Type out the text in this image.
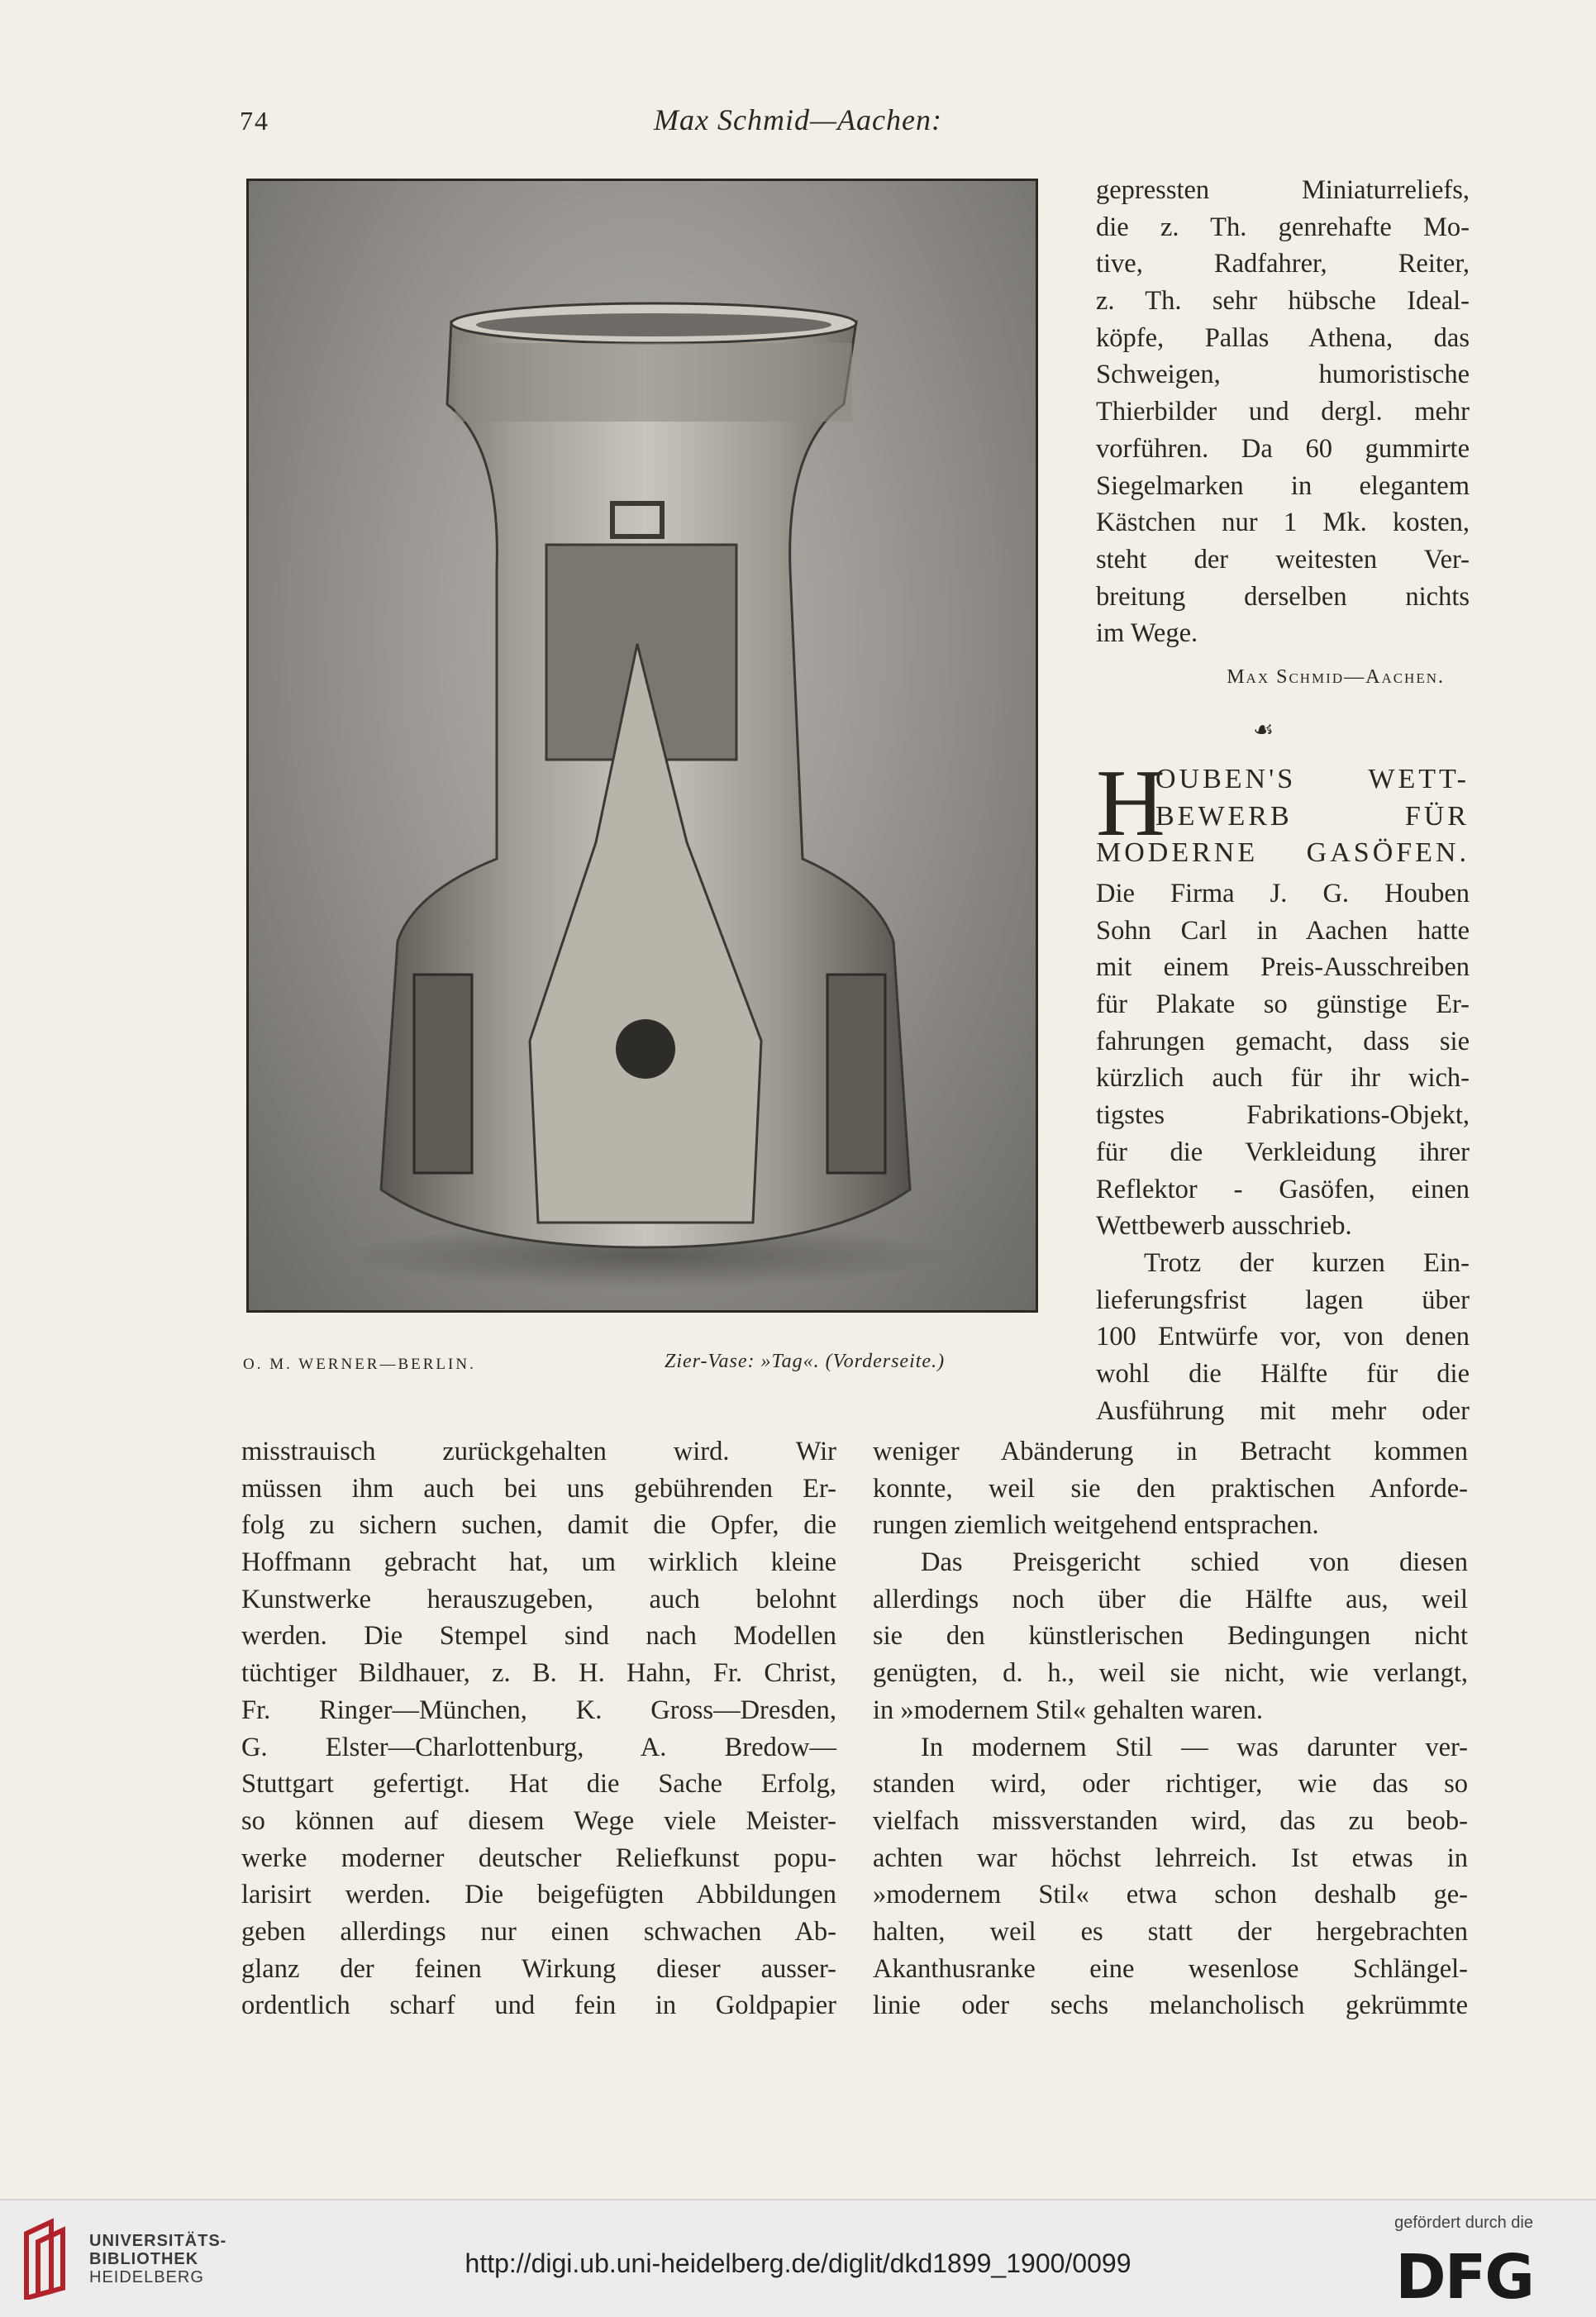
74	Max Schmid—Aachen:
O. M. WERNER—BERLIN.	Zier-Vase: »Tag«. (Vorderseite.)
gepressten Miniaturreliefs,
die z. Th. genrehafte Mo-
tive, Radfahrer, Reiter,
z. Th. sehr hübsche Ideal-
köpfe, Pallas Athena, das
Schweigen, humoristische
Thierbilder und dergl. mehr
vorführen. Da 60 gummirte
Siegelmarken in elegantem
Kästchen nur 1 Mk. kosten,
steht der weitesten Ver-
breitung derselben nichts
im Wege.
Max Schmid—Aachen.
☙
H
OUBEN'S WETT-
BEWERB FÜR
MODERNE GASÖFEN.
Die Firma J. G. Houben
Sohn Carl in Aachen hatte
mit einem Preis-Ausschreiben
für Plakate so günstige Er-
fahrungen gemacht, dass sie
kürzlich auch für ihr wich-
tigstes Fabrikations-Objekt,
für die Verkleidung ihrer
Reflektor - Gasöfen, einen
Wettbewerb ausschrieb.
Trotz der kurzen Ein-
lieferungsfrist lagen über
100 Entwürfe vor, von denen
wohl die Hälfte für die
Ausführung mit mehr oder
misstrauisch zurückgehalten wird. Wir
müssen ihm auch bei uns gebührenden Er-
folg zu sichern suchen, damit die Opfer, die
Hoffmann gebracht hat, um wirklich kleine
Kunstwerke herauszugeben, auch belohnt
werden. Die Stempel sind nach Modellen
tüchtiger Bildhauer, z. B. H. Hahn, Fr. Christ,
Fr. Ringer—München, K. Gross—Dresden,
G. Elster—Charlottenburg, A. Bredow—
Stuttgart gefertigt. Hat die Sache Erfolg,
so können auf diesem Wege viele Meister-
werke moderner deutscher Reliefkunst popu-
larisirt werden. Die beigefügten Abbildungen
geben allerdings nur einen schwachen Ab-
glanz der feinen Wirkung dieser ausser-
ordentlich scharf und fein in Goldpapier
weniger Abänderung in Betracht kommen
konnte, weil sie den praktischen Anforde-
rungen ziemlich weitgehend entsprachen.
Das Preisgericht schied von diesen
allerdings noch über die Hälfte aus, weil
sie den künstlerischen Bedingungen nicht
genügten, d. h., weil sie nicht, wie verlangt,
in »modernem Stil« gehalten waren.
In modernem Stil — was darunter ver-
standen wird, oder richtiger, wie das so
vielfach missverstanden wird, das zu beob-
achten war höchst lehrreich. Ist etwas in
»modernem Stil« etwa schon deshalb ge-
halten, weil es statt der hergebrachten
Akanthusranke eine wesenlose Schlängel-
linie oder sechs melancholisch gekrümmte
UNIVERSITÄTS-
BIBLIOTHEK
HEIDELBERG	http://digi.ub.uni-heidelberg.de/diglit/dkd1899_1900/0099
gefördert durch die
DFG
